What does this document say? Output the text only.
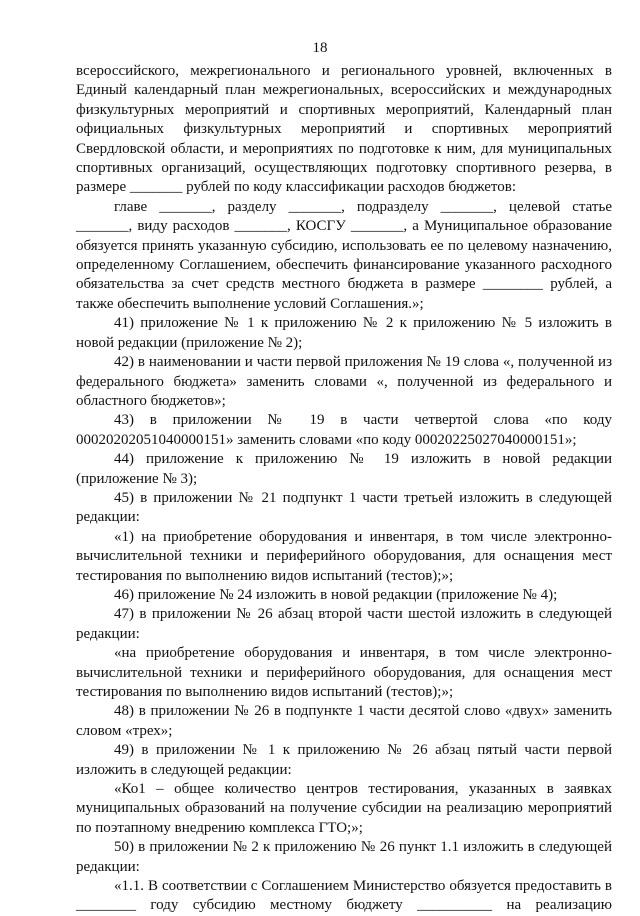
18

всероссийского, межрегионального и регионального уровней, включенных в Единый календарный план межрегиональных, всероссийских и международных физкультурных мероприятий и спортивных мероприятий, Календарный план официальных физкультурных мероприятий и спортивных мероприятий Свердловской области, и мероприятиях по подготовке к ним, для муниципальных спортивных организаций, осуществляющих подготовку спортивного резерва, в размере _______ рублей по коду классификации расходов бюджетов:

главе _______, разделу _______, подразделу _______, целевой статье _______, виду расходов _______, КОСГУ _______, а Муниципальное образование обязуется принять указанную субсидию, использовать ее по целевому назначению, определенному Соглашением, обеспечить финансирование указанного расходного обязательства за счет средств местного бюджета в размере ________ рублей, а также обеспечить выполнение условий Соглашения.»;

41) приложение № 1 к приложению № 2 к приложению № 5 изложить в новой редакции (приложение № 2);

42) в наименовании и части первой приложения № 19 слова «, полученной из федерального бюджета» заменить словами «, полученной из федерального и областного бюджетов»;

43) в приложении № 19 в части четвертой слова «по коду 00020202051040000151» заменить словами «по коду 00020225027040000151»;

44) приложение к приложению № 19 изложить в новой редакции (приложение № 3);

45) в приложении № 21 подпункт 1 части третьей изложить в следующей редакции:

«1) на приобретение оборудования и инвентаря, в том числе электронно-вычислительной техники и периферийного оборудования, для оснащения мест тестирования по выполнению видов испытаний (тестов);»;

46) приложение № 24 изложить в новой редакции (приложение № 4);

47) в приложении № 26 абзац второй части шестой изложить в следующей редакции:

«на приобретение оборудования и инвентаря, в том числе электронно-вычислительной техники и периферийного оборудования, для оснащения мест тестирования по выполнению видов испытаний (тестов);»;

48) в приложении № 26 в подпункте 1 части десятой слово «двух» заменить словом «трех»;

49) в приложении № 1 к приложению № 26 абзац пятый части первой изложить в следующей редакции:

«Ко1 – общее количество центров тестирования, указанных в заявках муниципальных образований на получение субсидии на реализацию мероприятий по поэтапному внедрению комплекса ГТО;»;

50) в приложении № 2 к приложению № 26 пункт 1.1 изложить в следующей редакции:

«1.1. В соответствии с Соглашением Министерство обязуется предоставить в ________ году субсидию местному бюджету __________ на реализацию
